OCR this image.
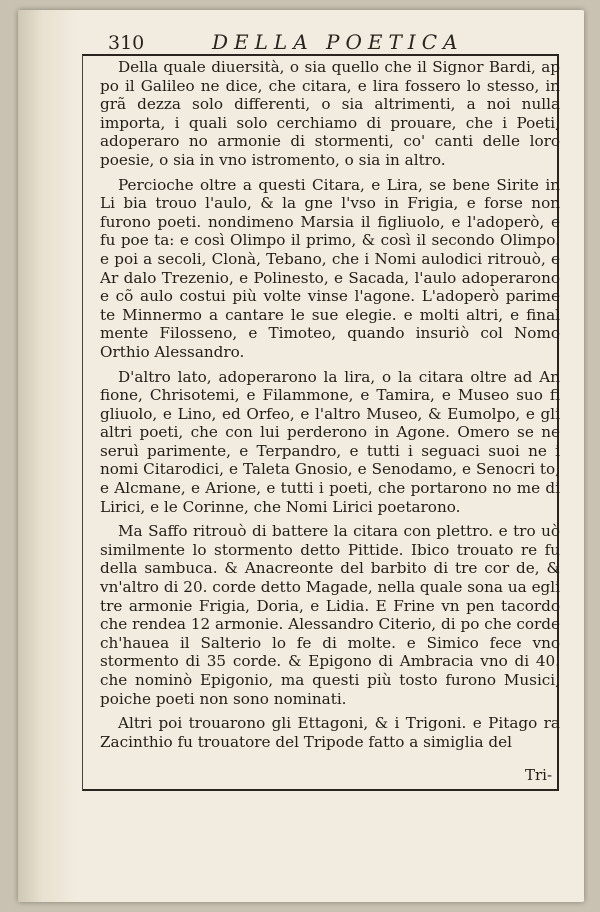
310	DELLA POETICA

Della quale diuersità, o sia quello che il Signor Bardi, ap po il Galileo ne dice, che citara, e lira fossero lo stesso, in grã dezza solo differenti, o sia altrimenti, a noi nulla importa, i quali solo cerchiamo di prouare, che i Poeti, adoperaro no armonie di stormenti, co' canti delle loro poesie, o sia in vno istromento, o sia in altro.

Percioche oltre a questi Citara, e Lira, se bene Sirite in Li bia trouo l'aulo, & la gne l'vso in Frigia, e forse non furono poeti. nondimeno Marsia il figliuolo, e l'adoperò, e fu poe ta: e così Olimpo il primo, & così il secondo Olimpo. e poi a secoli, Clonà, Tebano, che i Nomi aulodici ritrouò, e Ar dalo Trezenio, e Polinesto, e Sacada, l'aulo adoperarono e cõ aulo costui più volte vinse l'agone. L'adoperò parime te Minnermo a cantare le sue elegie. e molti altri, e final mente Filosseno, e Timoteo, quando insuriò col Nomo Orthio Alessandro.

D'altro lato, adoperarono la lira, o la citara oltre ad An fione, Chrisotemi, e Filammone, e Tamira, e Museo suo fi gliuolo, e Lino, ed Orfeo, e l'altro Museo, & Eumolpo, e gli altri poeti, che con lui perderono in Agone. Omero se ne seruì parimente, e Terpandro, e tutti i seguaci suoi ne i nomi Citarodici, e Taleta Gnosio, e Senodamo, e Senocri to, e Alcmane, e Arione, e tutti i poeti, che portarono no me di Lirici, e le Corinne, che Nomi Lirici poetarono.

Ma Saffo ritrouò di battere la citara con plettro. e tro uò similmente lo stormento detto Pittide. Ibico trouato re fu della sambuca. & Anacreonte del barbito di tre cor de, & vn'altro di 20. corde detto Magade, nella quale sona ua egli tre armonie Frigia, Doria, e Lidia. E Frine vn pen tacordo che rendea 12 armonie. Alessandro Citerio, di po che corde ch'hauea il Salterio lo fe di molte. e Simico fece vno stormento di 35 corde. & Epigono di Ambracia vno di 40. che nominò Epigonio, ma questi più tosto furono Musici, poiche poeti non sono nominati.

Altri poi trouarono gli Ettagoni, & i Trigoni. e Pitago ra Zacinthio fu trouatore del Tripode fatto a simiglia del

Tri-
